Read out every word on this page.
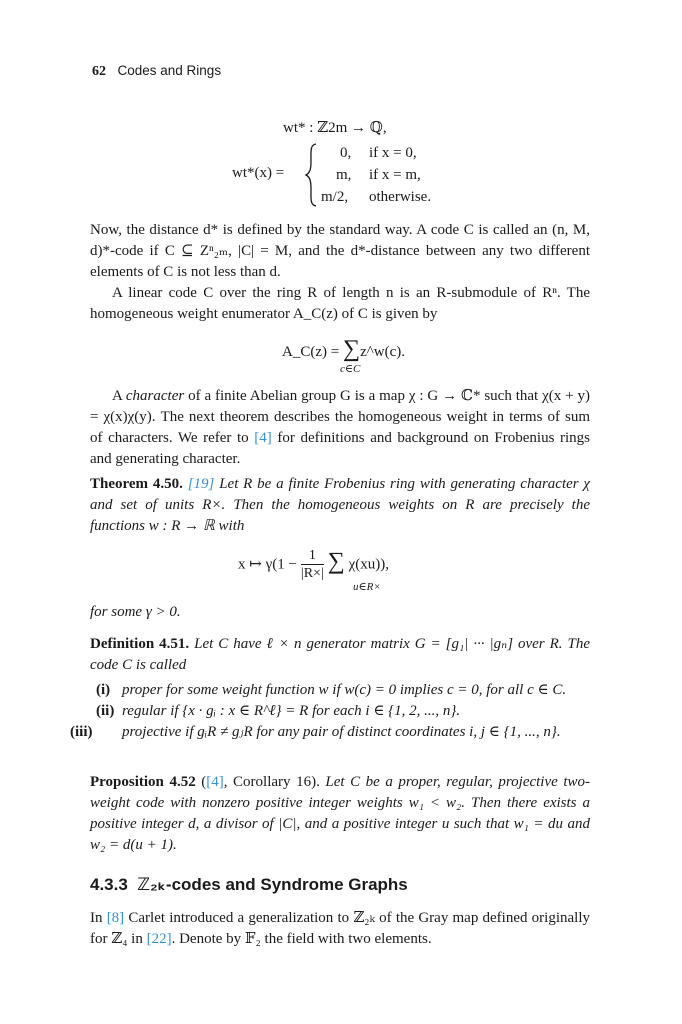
62 Codes and Rings
wt* : ℤ2m → ℚ,
wt*(x) =
0, if x = 0,
m, if x = m,
m/2, otherwise.
Now, the distance d* is defined by the standard way. A code C is called an (n, M, d)*-code if C ⊆ Zⁿ₂ₘ, |C| = M, and the d*-distance between any two different elements of C is not less than d.
A linear code C over the ring R of length n is an R-submodule of Rⁿ. The homogeneous weight enumerator A_C(z) of C is given by
A_C(z) = ∑z^w(c).
c∈C
A character of a finite Abelian group G is a map χ : G → ℂ* such that χ(x + y) = χ(x)χ(y). The next theorem describes the homogeneous weight in terms of sum of characters. We refer to [4] for definitions and background on Frobenius rings and generating character.
Theorem 4.50. [19] Let R be a finite Frobenius ring with generating character χ and set of units R×. Then the homogeneous weights on R are precisely the functions w : R → ℝ with
x ↦ $\gamma(1 - \frac{1}{|R\times|}$ ∑ χ(xu)),
u∈R×
for some γ > 0.
Definition 4.51. Let C have ℓ × n generator matrix G = [g₁| ··· |gₙ] over R. The code C is called
(i) proper for some weight function w if w(c) = 0 implies c = 0, for all c ∈ C.
(ii) regular if {x · gᵢ : x ∈ R^ℓ} = R for each i ∈ {1, 2, ..., n}.
(iii) projective if gᵢR ≠ gⱼR for any pair of distinct coordinates i, j ∈ {1, ..., n}.
Proposition 4.52 ([4], Corollary 16). Let C be a proper, regular, projective two-weight code with nonzero positive integer weights w₁ < w₂. Then there exists a positive integer d, a divisor of |C|, and a positive integer u such that w₁ = du and w₂ = d(u + 1).
4.3.3 ℤ₂ₖ-codes and Syndrome Graphs
In [8] Carlet introduced a generalization to ℤ₂ₖ of the Gray map defined originally for ℤ₄ in [22]. Denote by 𝔽₂ the field with two elements.
